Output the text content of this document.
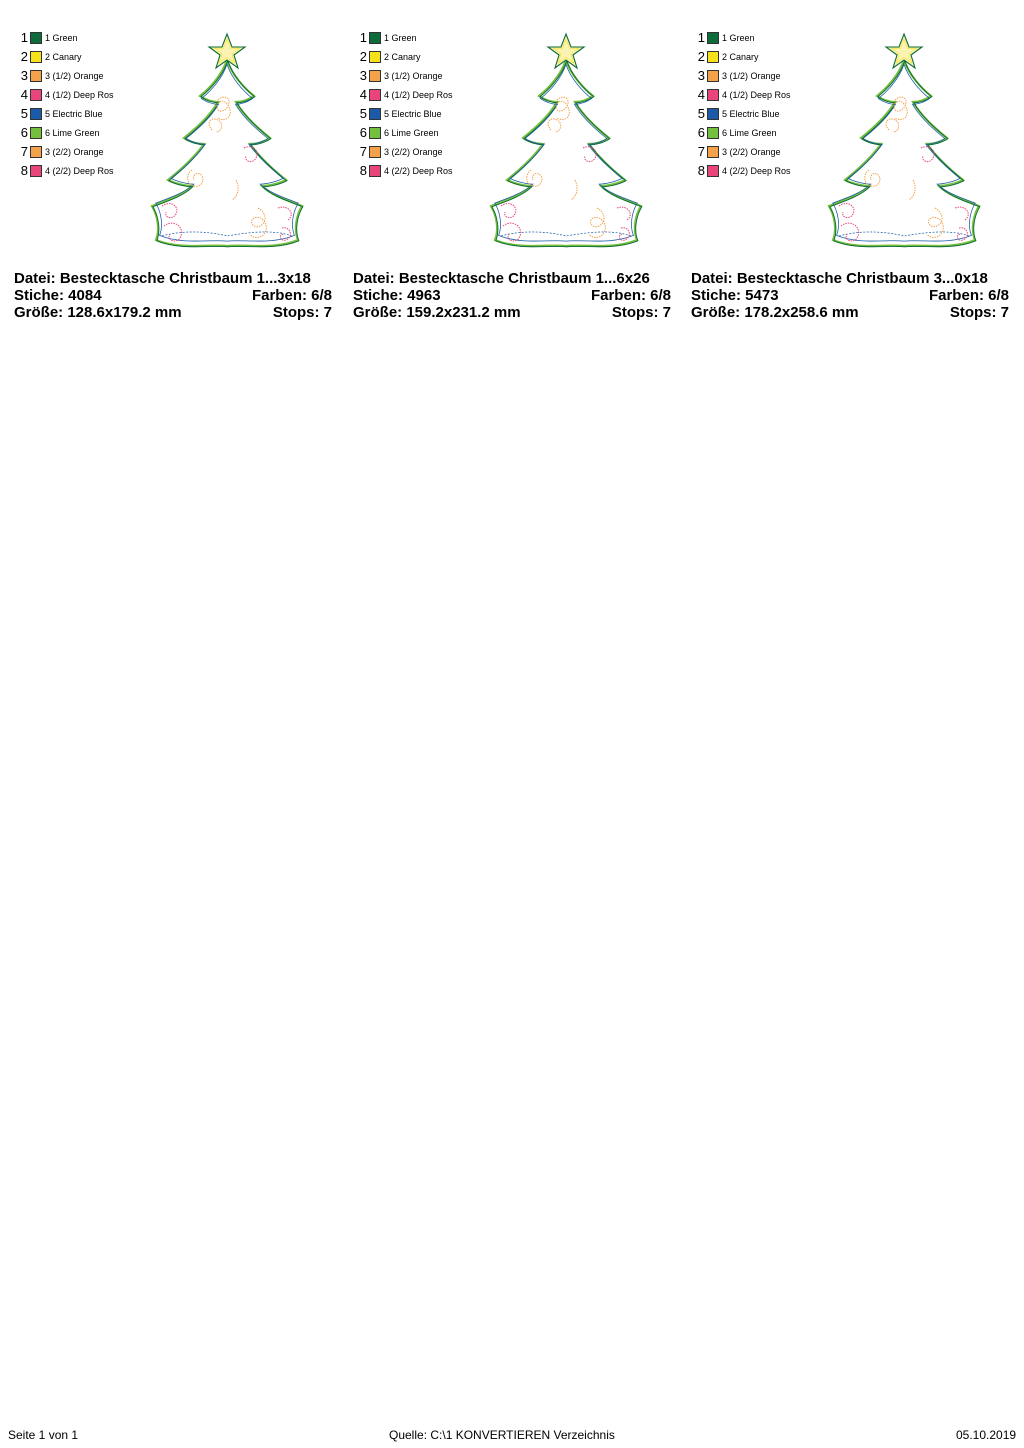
1 1 Green
2 2 Canary
3 3 (1/2) Orange
4 4 (1/2) Deep Ros
5 5 Electric Blue
6 6 Lime Green
7 3 (2/2) Orange
8 4 (2/2) Deep Ros
Datei: Bestecktasche Christbaum 1...3x18
Stiche: 4084	Farben: 6/8
Größe: 128.6x179.2 mm	Stops: 7
1 1 Green
2 2 Canary
3 3 (1/2) Orange
4 4 (1/2) Deep Ros
5 5 Electric Blue
6 6 Lime Green
7 3 (2/2) Orange
8 4 (2/2) Deep Ros
Datei: Bestecktasche Christbaum 1...6x26
Stiche: 4963	Farben: 6/8
Größe: 159.2x231.2 mm	Stops: 7
1 1 Green
2 2 Canary
3 3 (1/2) Orange
4 4 (1/2) Deep Ros
5 5 Electric Blue
6 6 Lime Green
7 3 (2/2) Orange
8 4 (2/2) Deep Ros
Datei: Bestecktasche Christbaum 3...0x18
Stiche: 5473	Farben: 6/8
Größe: 178.2x258.6 mm	Stops: 7
Seite 1 von 1	Quelle: C:\1 KONVERTIEREN Verzeichnis	05.10.2019
